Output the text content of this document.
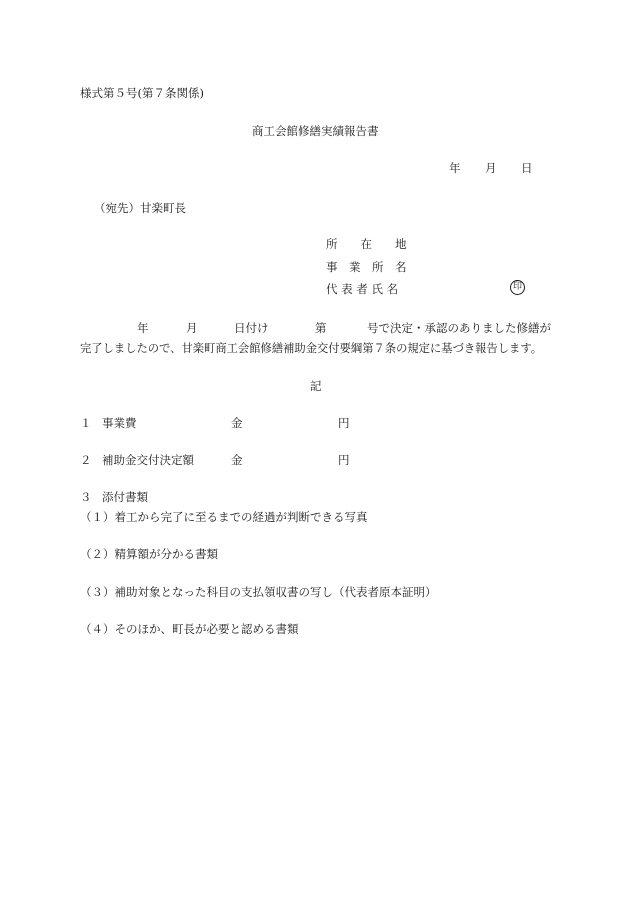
様式第５号(第７条関係)
商工会館修繕実績報告書
年 月 日
（宛先）甘楽町長
所　　在　　地
事　業　所　名
代 表 者 氏 名	印
年	月	日付け	第	号で決定・承認のありました修繕が
完了しましたので、甘楽町商工会館修繕補助金交付要綱第７条の規定に基づき報告します。
記
１ 事業費	金	円
２ 補助金交付決定額	金	円
３ 添付書類
（１）着工から完了に至るまでの経過が判断できる写真
（２）精算額が分かる書類
（３）補助対象となった科目の支払領収書の写し（代表者原本証明）
（４）そのほか、町長が必要と認める書類
